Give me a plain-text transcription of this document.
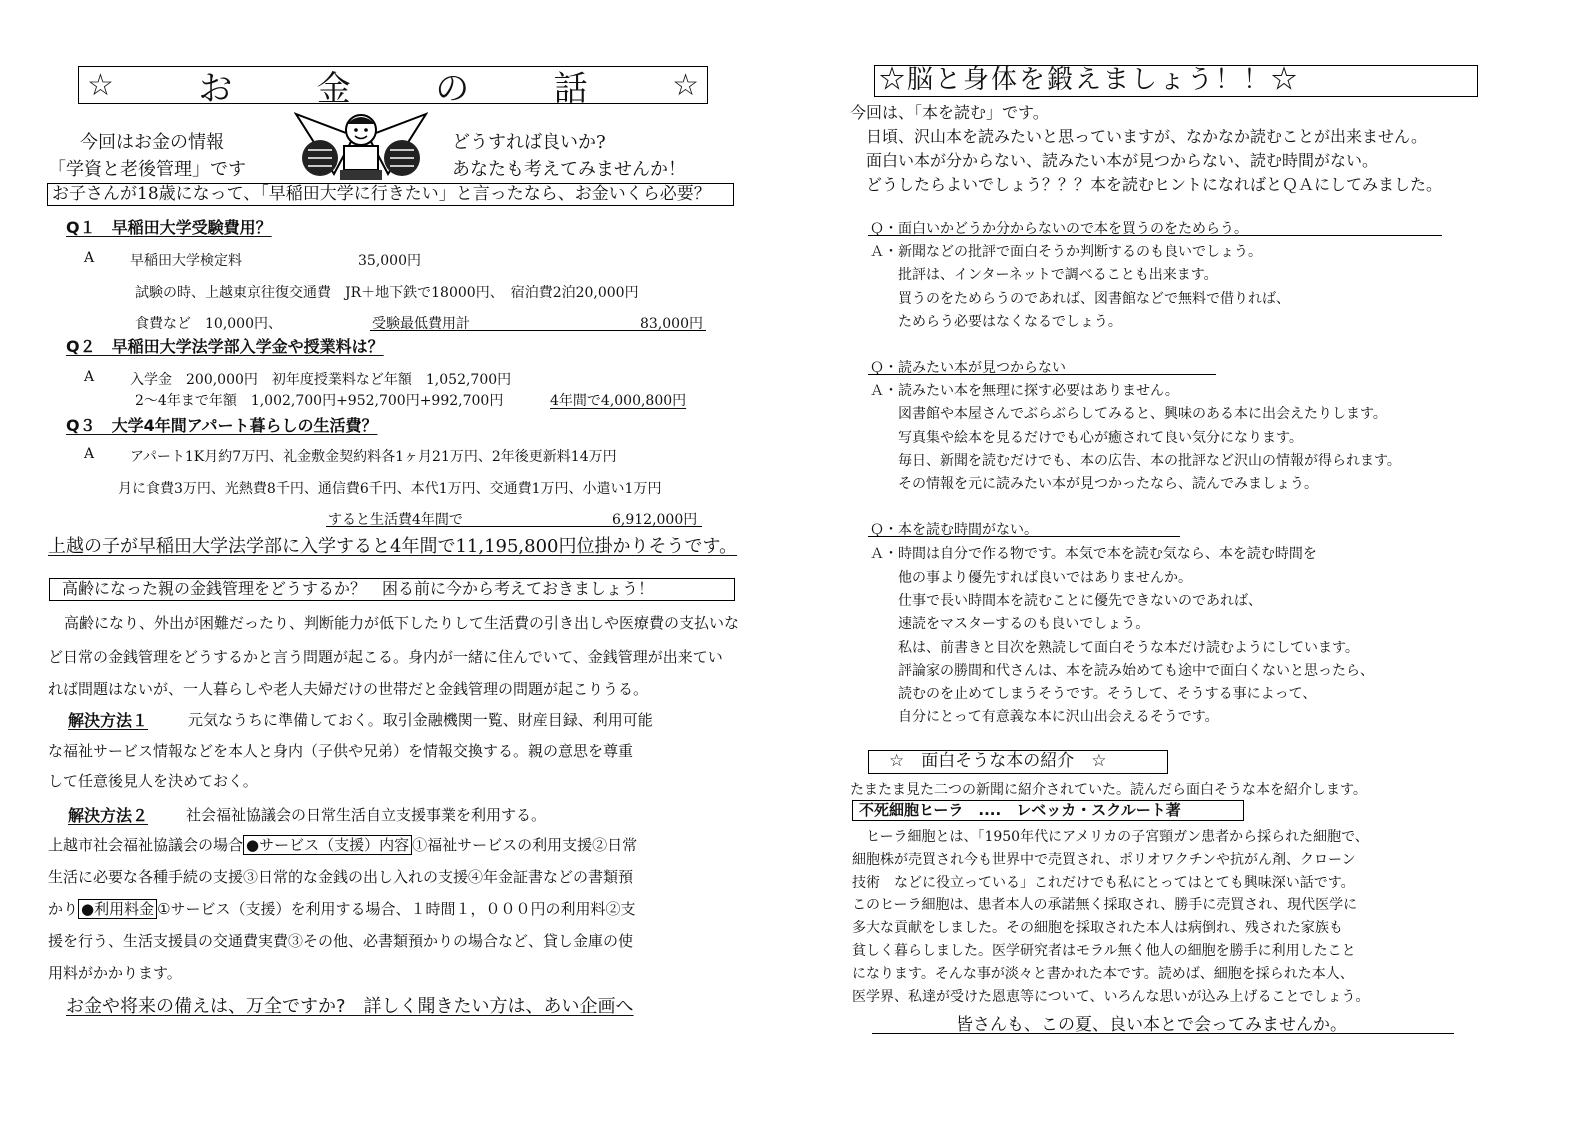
☆ お 金 の 話	☆
今回はお金の情報
「学資と老後管理」です
どうすれば良いか?
あなたも考えてみませんか！
お子さんが18歳になって、「早稲田大学に行きたい」と言ったなら、お金いくら必要？
Q１　早稲田大学受験費用？
A	早稲田大学検定料	35,000円
試験の時、上越東京往復交通費　JR＋地下鉄で18000円、　宿泊費2泊20,000円
食費など　10,000円、	受験最低費用計	83,000円
Q２　早稲田大学法学部入学金や授業料は？
A	入学金　200,000円　初年度授業料など年額　1,052,700円
2〜4年まで年額　1,002,700円+952,700円+992,700円	4年間で4,000,800円
Q３　大学4年間アパート暮らしの生活費？
A	アパート1K月約7万円、礼金敷金契約料各1ヶ月21万円、2年後更新料14万円
月に食費3万円、光熱費8千円、通信費6千円、本代1万円、交通費1万円、小遣い1万円
すると生活費4年間で	6,912,000円
上越の子が早稲田大学法学部に入学すると4年間で11,195,800円位掛かりそうです。
高齢になった親の金銭管理をどうするか？　困る前に今から考えておきましょう！
高齢になり、外出が困難だったり、判断能力が低下したりして生活費の引き出しや医療費の支払いな
ど日常の金銭管理をどうするかと言う問題が起こる。身内が一緒に住んでいて、金銭管理が出来てい
れば問題はないが、一人暮らしや老人夫婦だけの世帯だと金銭管理の問題が起こりうる。
解決方法１	元気なうちに準備しておく。取引金融機関一覧、財産目録、利用可能
な福祉サービス情報などを本人と身内（子供や兄弟）を情報交換する。親の意思を尊重
して任意後見人を決めておく。
解決方法２	社会福祉協議会の日常生活自立支援事業を利用する。
上越市社会福祉協議会の場合 ●サービス（支援）内容 ①福祉サービスの利用支援②日常
生活に必要な各種手続の支援③日常的な金銭の出し入れの支援④年金証書などの書類預
かり ●利用料金 ①サービス（支援）を利用する場合、１時間１，０００円の利用料②支
援を行う、生活支援員の交通費実費③その他、必書類預かりの場合など、貸し金庫の使
用料がかかります。
お金や将来の備えは、万全ですか?　詳しく聞きたい方は、あい企画へ
☆脳と身体を鍛えましょう！！☆
今回は、「本を読む」です。
日頃、沢山本を読みたいと思っていますが、なかなか読むことが出来ません。
面白い本が分からない、読みたい本が見つからない、読む時間がない。
どうしたらよいでしょう？？？本を読むヒントになればとＱＡにしてみました。
Ｑ・面白いかどうか分からないので本を買うのをためらう。
Ａ・新聞などの批評で面白そうか判断するのも良いでしょう。
　　批評は、インターネットで調べることも出来ます。
　　買うのをためらうのであれば、図書館などで無料で借りれば、
　　ためらう必要はなくなるでしょう。
Ｑ・読みたい本が見つからない
Ａ・読みたい本を無理に探す必要はありません。
　　図書館や本屋さんでぶらぶらしてみると、興味のある本に出会えたりします。
　　写真集や絵本を見るだけでも心が癒されて良い気分になります。
　　毎日、新聞を読むだけでも、本の広告、本の批評など沢山の情報が得られます。
　　その情報を元に読みたい本が見つかったなら、読んでみましょう。
Ｑ・本を読む時間がない。
Ａ・時間は自分で作る物です。本気で本を読む気なら、本を読む時間を
　　他の事より優先すれば良いではありませんか。
　　仕事で長い時間本を読むことに優先できないのであれば、
　　速読をマスターするのも良いでしょう。
　　私は、前書きと目次を熟読して面白そうな本だけ読むようにしています。
　　評論家の勝間和代さんは、本を読み始めても途中で面白くないと思ったら、
　　読むのを止めてしまうそうです。そうして、そうする事によって、
　　自分にとって有意義な本に沢山出会えるそうです。
☆　面白そうな本の紹介　☆
たまたま見た二つの新聞に紹介されていた。読んだら面白そうな本を紹介します。
不死細胞ヒーラ　....　レベッカ・スクルート著
　ヒーラ細胞とは、「1950年代にアメリカの子宮頸ガン患者から採られた細胞で、
細胞株が売買され今も世界中で売買され、ポリオワクチンや抗がん剤、クローン
技術　などに役立っている」これだけでも私にとってはとても興味深い話です。
このヒーラ細胞は、患者本人の承諾無く採取され、勝手に売買され、現代医学に
多大な貢献をしました。その細胞を採取された本人は病倒れ、残された家族も
貧しく暮らしました。医学研究者はモラル無く他人の細胞を勝手に利用したこと
になります。そんな事が淡々と書かれた本です。読めば、細胞を採られた本人、
医学界、私達が受けた恩恵等について、いろんな思いが込み上げることでしょう。
皆さんも、この夏、良い本とで会ってみませんか。
